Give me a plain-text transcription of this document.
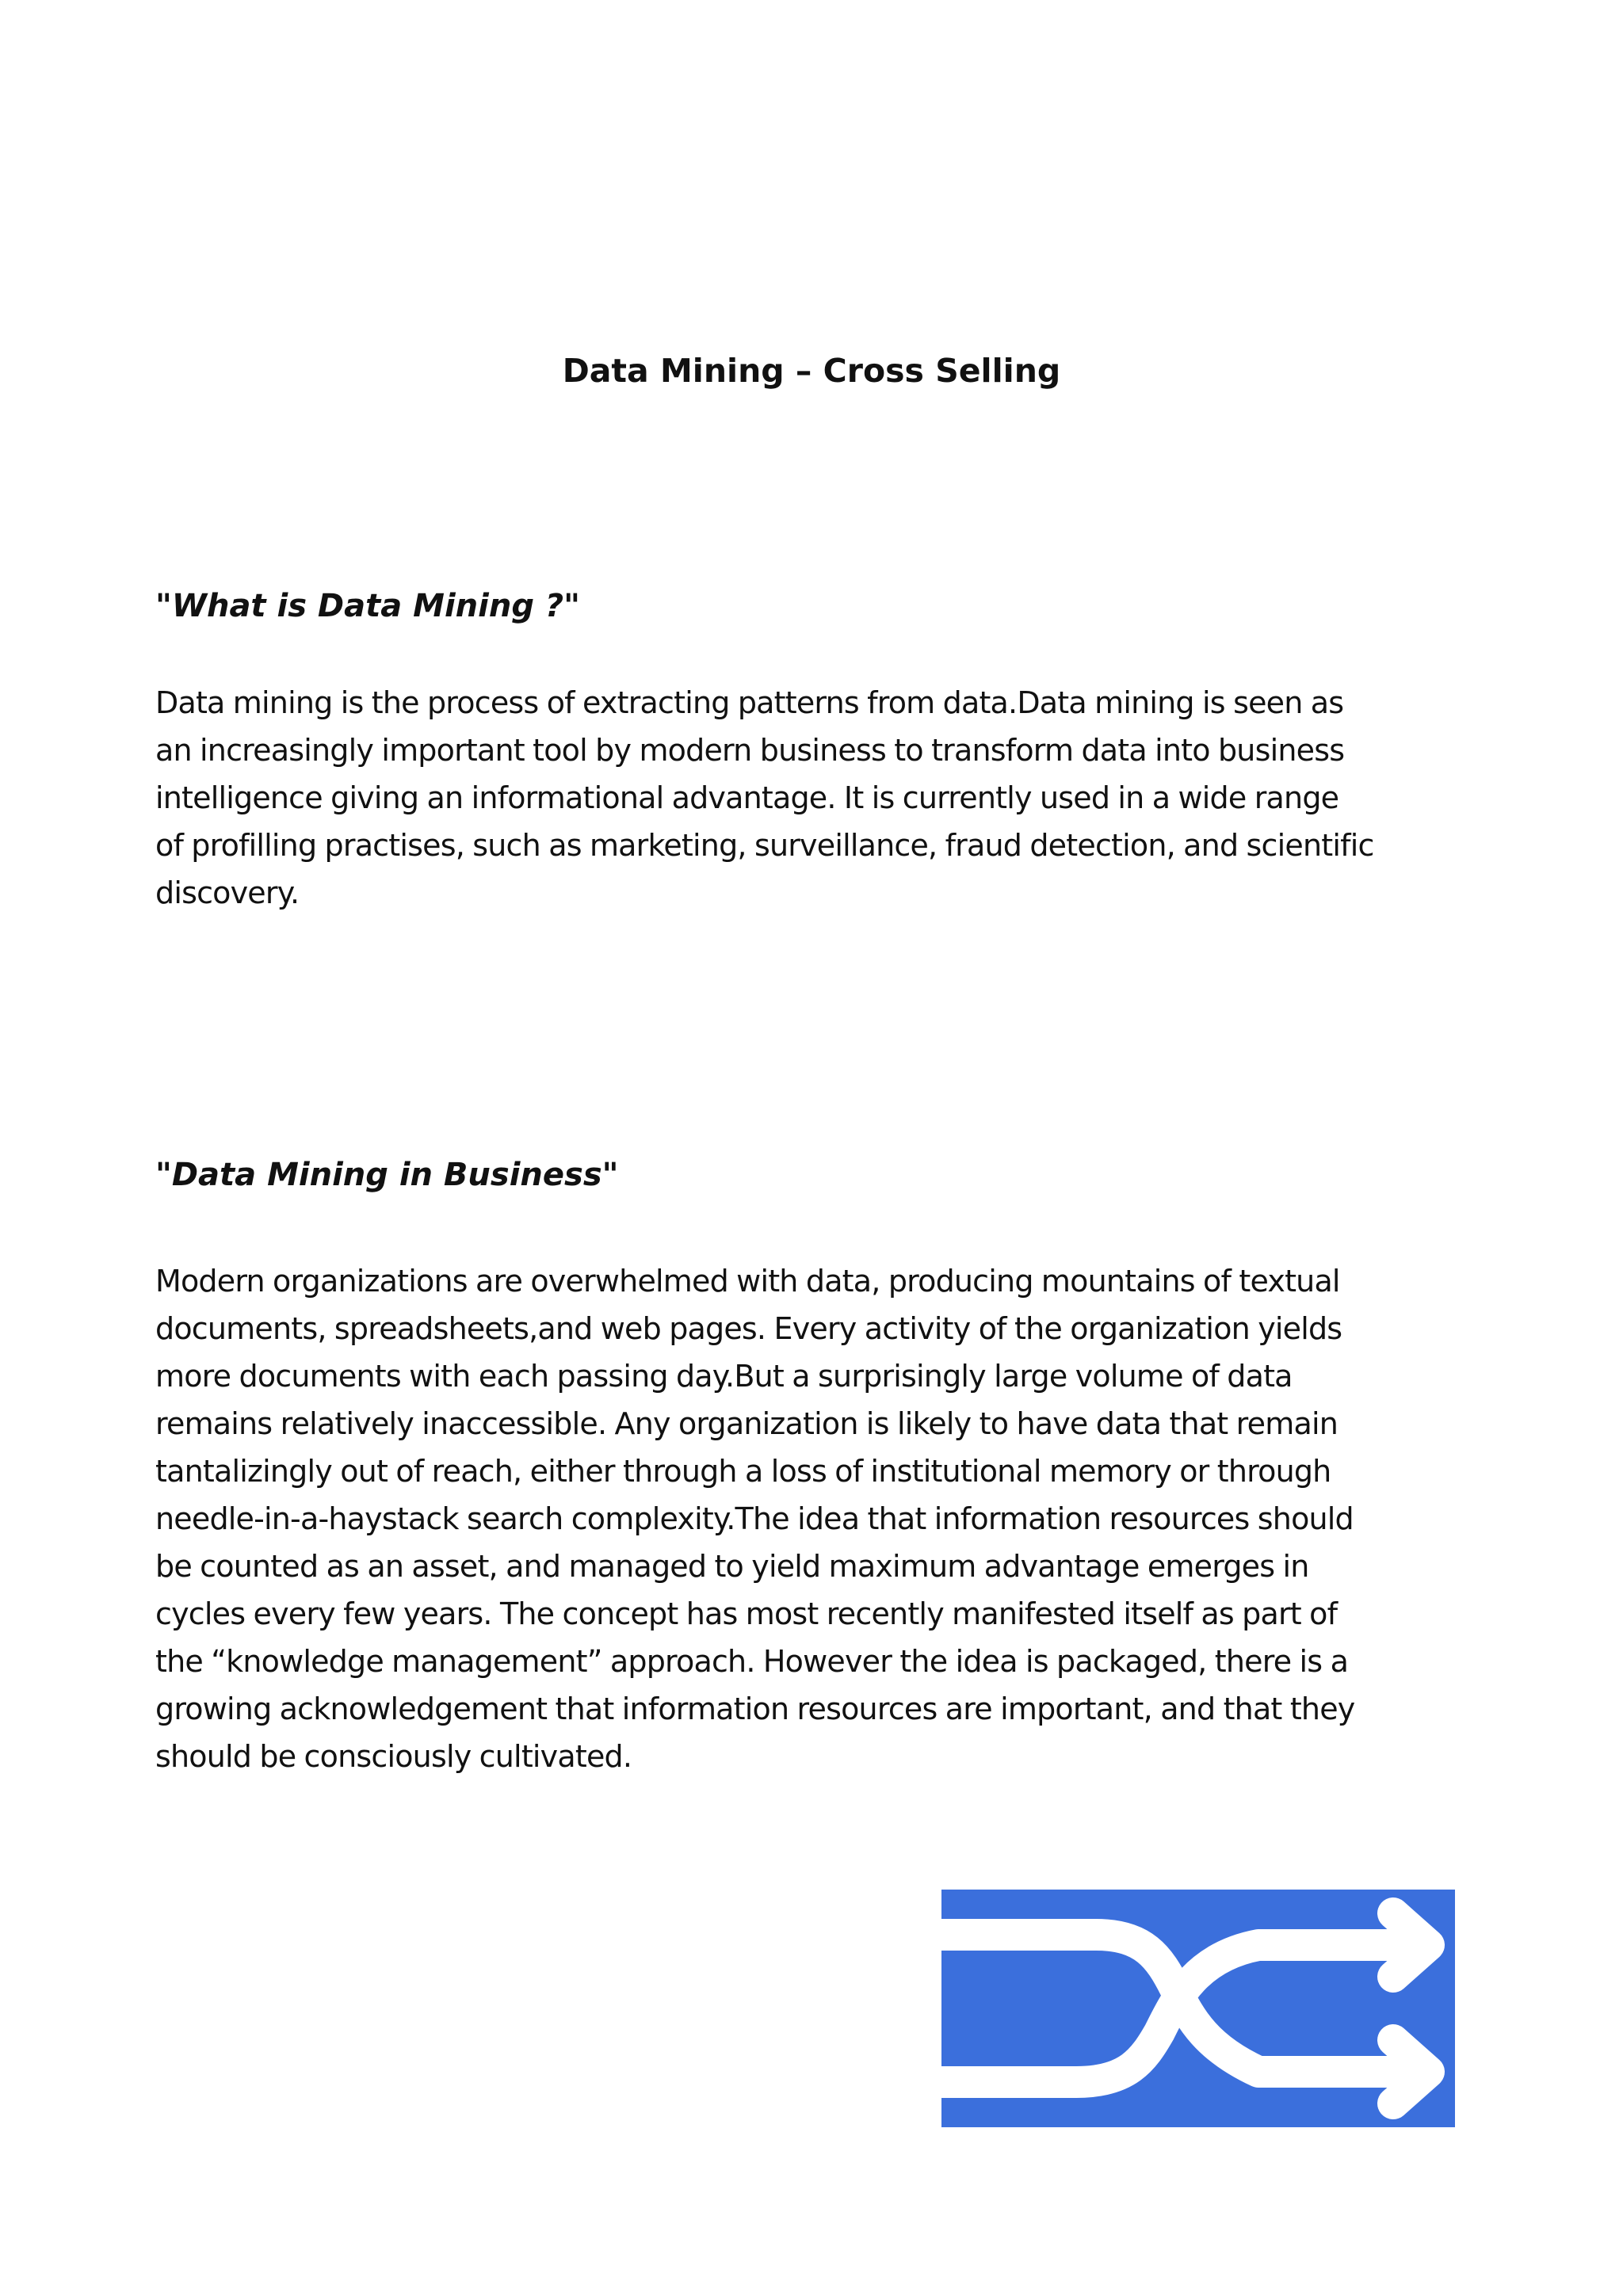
Data Mining – Cross Selling
"What is Data Mining ?"

Data mining is the process of extracting patterns from data.Data mining is seen as
an increasingly important tool by modern business to transform data into business
intelligence giving an informational advantage. It is currently used in a wide range
of profilling practises, such as marketing, surveillance, fraud detection, and scientific
discovery.

"Data Mining in Business"

Modern organizations are overwhelmed with data, producing mountains of textual
documents, spreadsheets,and web pages. Every activity of the organization yields
more documents with each passing day.But a surprisingly large volume of data
remains relatively inaccessible. Any organization is likely to have data that remain
tantalizingly out of reach, either through a loss of institutional memory or through
needle-in-a-haystack search complexity.The idea that information resources should
be counted as an asset, and managed to yield maximum advantage emerges in
cycles every few years. The concept has most recently manifested itself as part of
the “knowledge management” approach. However the idea is packaged, there is a
growing acknowledgement that information resources are important, and that they
should be consciously cultivated.
